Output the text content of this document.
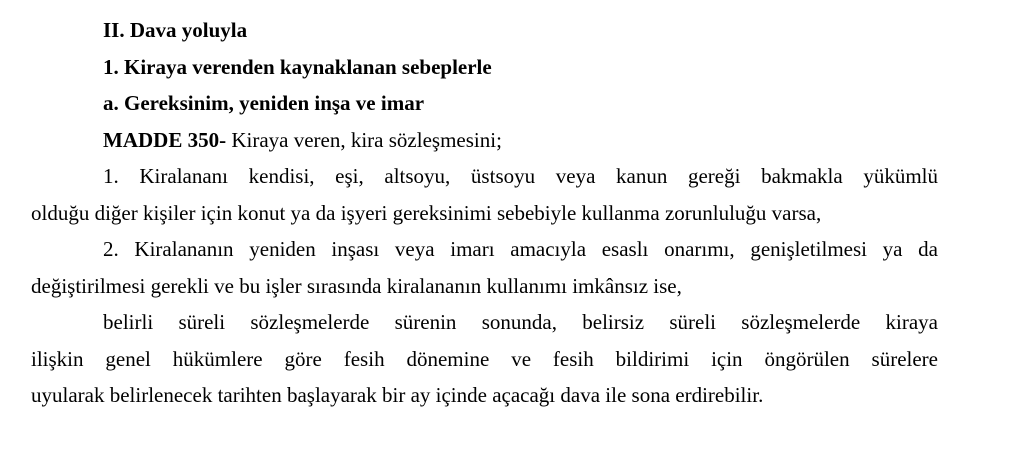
II. Dava yoluyla
1. Kiraya verenden kaynaklanan sebeplerle
a. Gereksinim, yeniden inşa ve imar
MADDE 350- Kiraya veren, kira sözleşmesini;
1. Kiralananı kendisi, eşi, altsoyu, üstsoyu veya kanun gereği bakmakla yükümlü
olduğu diğer kişiler için konut ya da işyeri gereksinimi sebebiyle kullanma zorunluluğu varsa,
2. Kiralananın yeniden inşası veya imarı amacıyla esaslı onarımı, genişletilmesi ya da
değiştirilmesi gerekli ve bu işler sırasında kiralananın kullanımı imkânsız ise,
belirli süreli sözleşmelerde sürenin sonunda, belirsiz süreli sözleşmelerde kiraya
ilişkin genel hükümlere göre fesih dönemine ve fesih bildirimi için öngörülen sürelere
uyularak belirlenecek tarihten başlayarak bir ay içinde açacağı dava ile sona erdirebilir.
